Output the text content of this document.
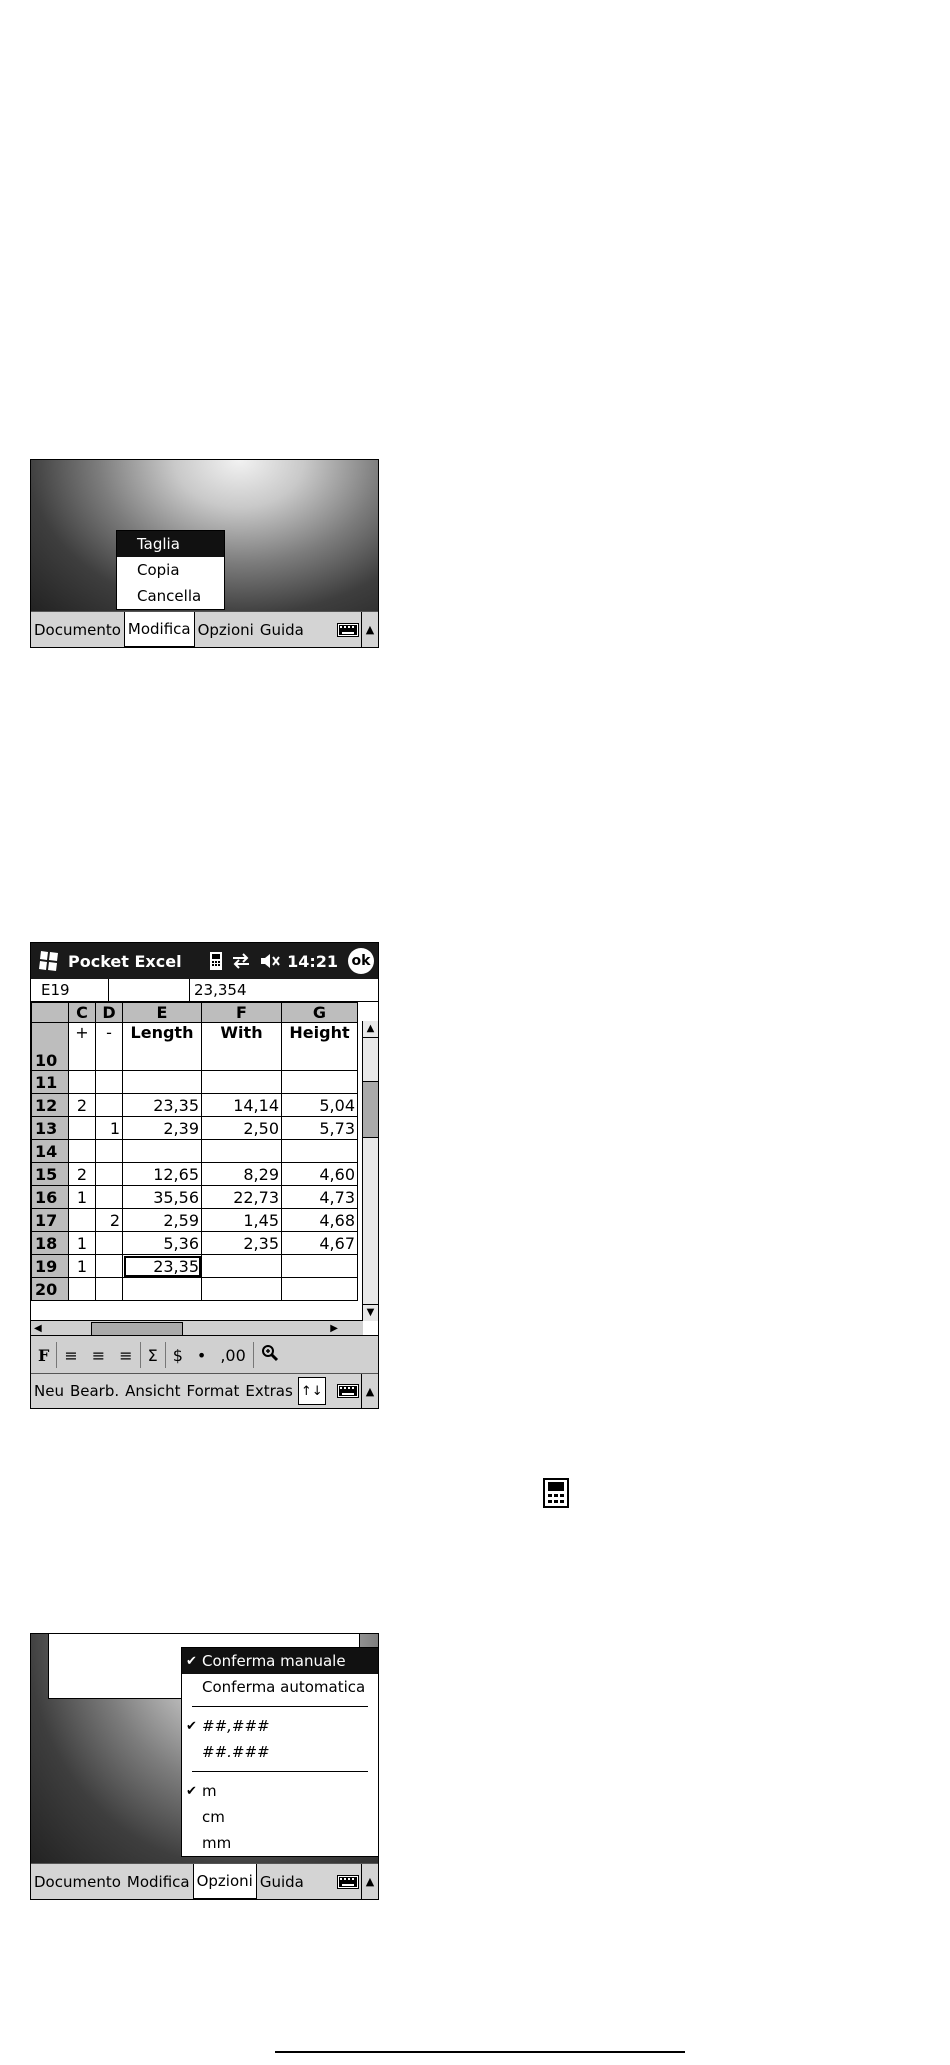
Taglia
Copia
Cancella
Documento Modifica Opzioni Guida	▲
Pocket Excel	14:21 ok
E19	23,354
	C	D	E	F	G
10	+	-	Length	With	Height
11					
12	2		23,35	14,14	5,04
13		1	2,39	2,50	5,73
14					
15	2		12,65	8,29	4,60
16	1		35,56	22,73	4,73
17		2	2,59	1,45	4,68
18	1		5,36	2,35	4,67
19	1		23,35		
20					
▲
▼
◀	▶
F ≡ ≡ ≡ Σ $ • ,00
Neu Bearb. Ansicht Format Extras ↑↓	▲
✔ Conferma manuale
Conferma automatica
✔ ##,###
##.###
✔ m
cm
mm
Documento Modifica Opzioni Guida	▲
